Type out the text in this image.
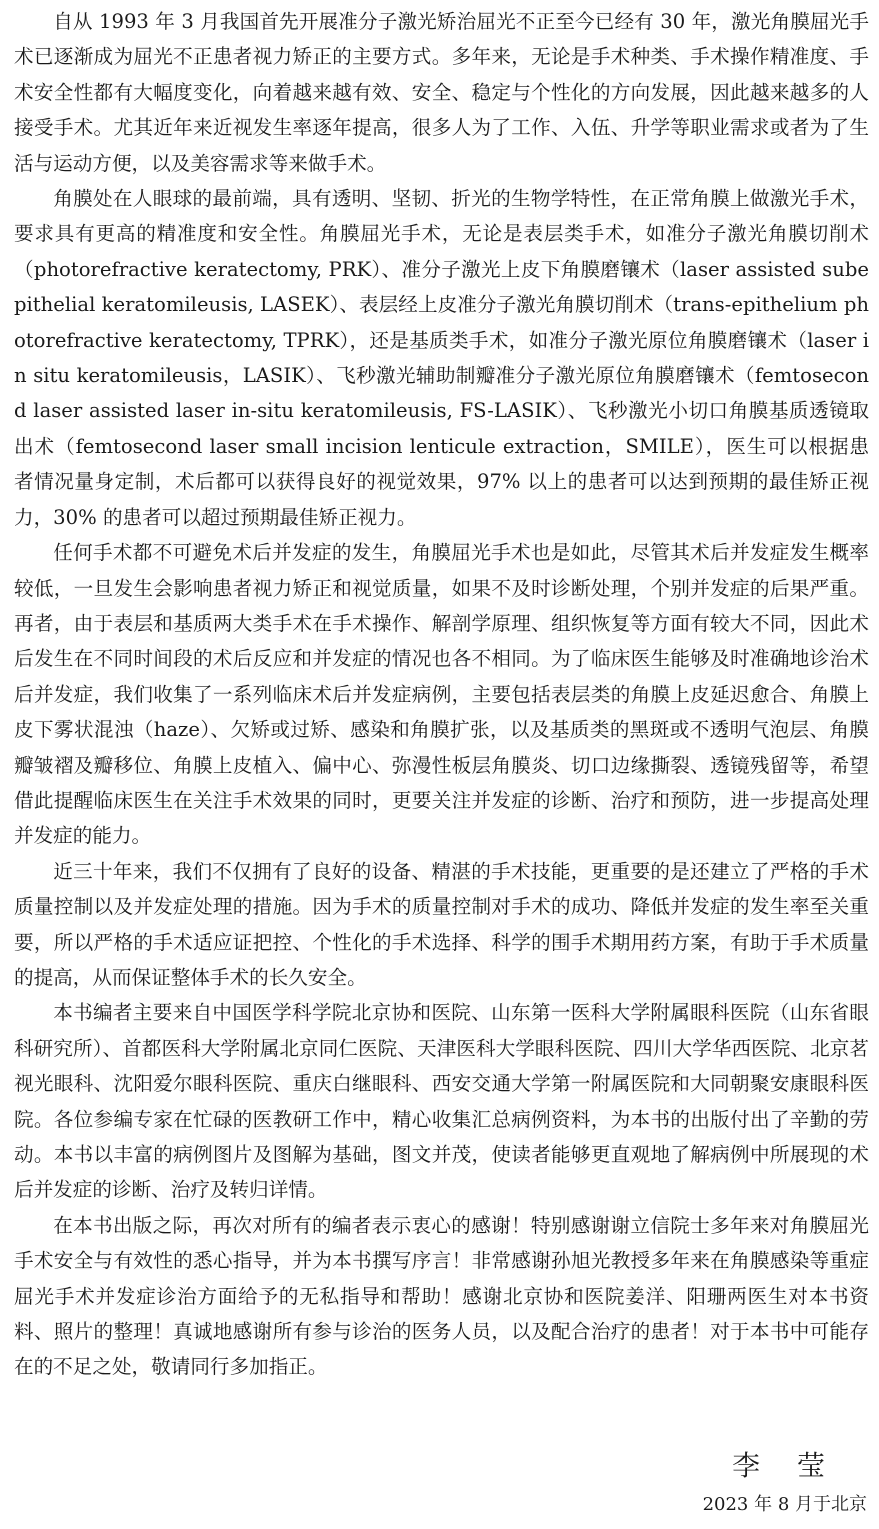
自从 1993 年 3 月我国首先开展准分子激光矫治屈光不正至今已经有 30 年，激光角膜屈光手术已逐渐成为屈光不正患者视力矫正的主要方式。多年来，无论是手术种类、手术操作精准度、手术安全性都有大幅度变化，向着越来越有效、安全、稳定与个性化的方向发展，因此越来越多的人接受手术。尤其近年来近视发生率逐年提高，很多人为了工作、入伍、升学等职业需求或者为了生活与运动方便，以及美容需求等来做手术。

角膜处在人眼球的最前端，具有透明、坚韧、折光的生物学特性，在正常角膜上做激光手术，要求具有更高的精准度和安全性。角膜屈光手术，无论是表层类手术，如准分子激光角膜切削术（photorefractive keratectomy, PRK）、准分子激光上皮下角膜磨镶术（laser assisted subepithelial keratomileusis, LASEK）、表层经上皮准分子激光角膜切削术（trans-epithelium photorefractive keratectomy, TPRK），还是基质类手术，如准分子激光原位角膜磨镶术（laser in situ keratomileusis，LASIK）、飞秒激光辅助制瓣准分子激光原位角膜磨镶术（femtosecond laser assisted laser in-situ keratomileusis, FS-LASIK）、飞秒激光小切口角膜基质透镜取出术（femtosecond laser small incision lenticule extraction，SMILE），医生可以根据患者情况量身定制，术后都可以获得良好的视觉效果，97% 以上的患者可以达到预期的最佳矫正视力，30% 的患者可以超过预期最佳矫正视力。

任何手术都不可避免术后并发症的发生，角膜屈光手术也是如此，尽管其术后并发症发生概率较低，一旦发生会影响患者视力矫正和视觉质量，如果不及时诊断处理，个别并发症的后果严重。再者，由于表层和基质两大类手术在手术操作、解剖学原理、组织恢复等方面有较大不同，因此术后发生在不同时间段的术后反应和并发症的情况也各不相同。为了临床医生能够及时准确地诊治术后并发症，我们收集了一系列临床术后并发症病例，主要包括表层类的角膜上皮延迟愈合、角膜上皮下雾状混浊（haze）、欠矫或过矫、感染和角膜扩张，以及基质类的黑斑或不透明气泡层、角膜瓣皱褶及瓣移位、角膜上皮植入、偏中心、弥漫性板层角膜炎、切口边缘撕裂、透镜残留等，希望借此提醒临床医生在关注手术效果的同时，更要关注并发症的诊断、治疗和预防，进一步提高处理并发症的能力。

近三十年来，我们不仅拥有了良好的设备、精湛的手术技能，更重要的是还建立了严格的手术质量控制以及并发症处理的措施。因为手术的质量控制对手术的成功、降低并发症的发生率至关重要，所以严格的手术适应证把控、个性化的手术选择、科学的围手术期用药方案，有助于手术质量的提高，从而保证整体手术的长久安全。

本书编者主要来自中国医学科学院北京协和医院、山东第一医科大学附属眼科医院（山东省眼科研究所）、首都医科大学附属北京同仁医院、天津医科大学眼科医院、四川大学华西医院、北京茗视光眼科、沈阳爱尔眼科医院、重庆白继眼科、西安交通大学第一附属医院和大同朝聚安康眼科医院。各位参编专家在忙碌的医教研工作中，精心收集汇总病例资料，为本书的出版付出了辛勤的劳动。本书以丰富的病例图片及图解为基础，图文并茂，使读者能够更直观地了解病例中所展现的术后并发症的诊断、治疗及转归详情。

在本书出版之际，再次对所有的编者表示衷心的感谢！特别感谢谢立信院士多年来对角膜屈光手术安全与有效性的悉心指导，并为本书撰写序言！非常感谢孙旭光教授多年来在角膜感染等重症屈光手术并发症诊治方面给予的无私指导和帮助！感谢北京协和医院姜洋、阳珊两医生对本书资料、照片的整理！真诚地感谢所有参与诊治的医务人员，以及配合治疗的患者！对于本书中可能存在的不足之处，敬请同行多加指正。

李 莹
2023 年 8 月于北京
